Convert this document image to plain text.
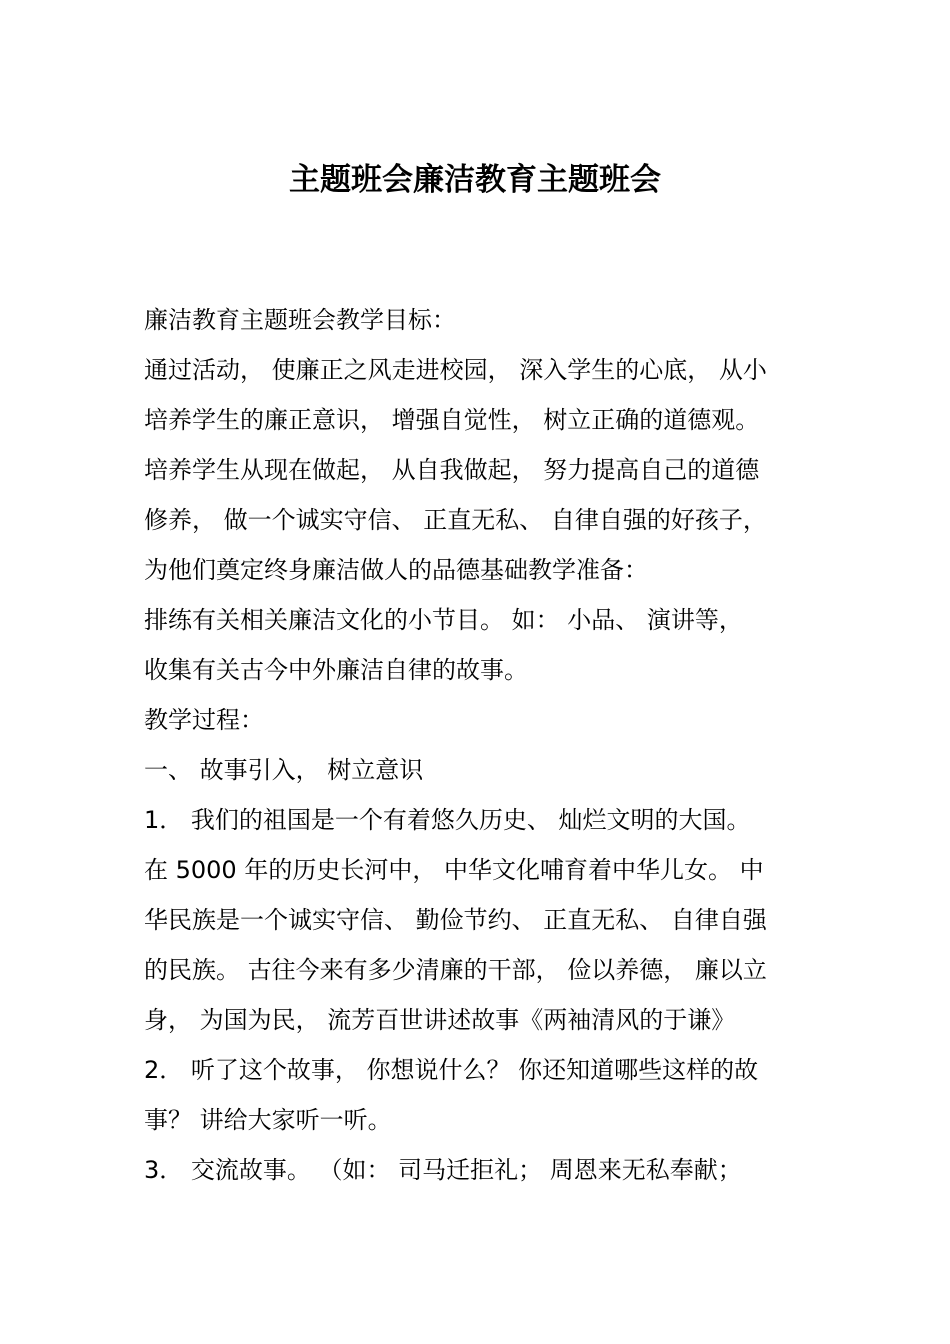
主题班会廉洁教育主题班会

廉洁教育主题班会教学目标：

通过活动， 使廉正之风走进校园， 深入学生的心底， 从小

培养学生的廉正意识， 增强自觉性， 树立正确的道德观。

培养学生从现在做起， 从自我做起， 努力提高自己的道德

修养， 做一个诚实守信、 正直无私、 自律自强的好孩子，

为他们奠定终身廉洁做人的品德基础教学准备：

排练有关相关廉洁文化的小节目。 如： 小品、 演讲等，

收集有关古今中外廉洁自律的故事。

教学过程：

一、 故事引入， 树立意识

1． 我们的祖国是一个有着悠久历史、 灿烂文明的大国。

在 5000 年的历史长河中， 中华文化哺育着中华儿女。 中

华民族是一个诚实守信、 勤俭节约、 正直无私、 自律自强

的民族。 古往今来有多少清廉的干部， 俭以养德， 廉以立

身， 为国为民， 流芳百世讲述故事《两袖清风的于谦》

2． 听了这个故事， 你想说什么？ 你还知道哪些这样的故

事？ 讲给大家听一听。

3． 交流故事。 （如： 司马迁拒礼； 周恩来无私奉献；
